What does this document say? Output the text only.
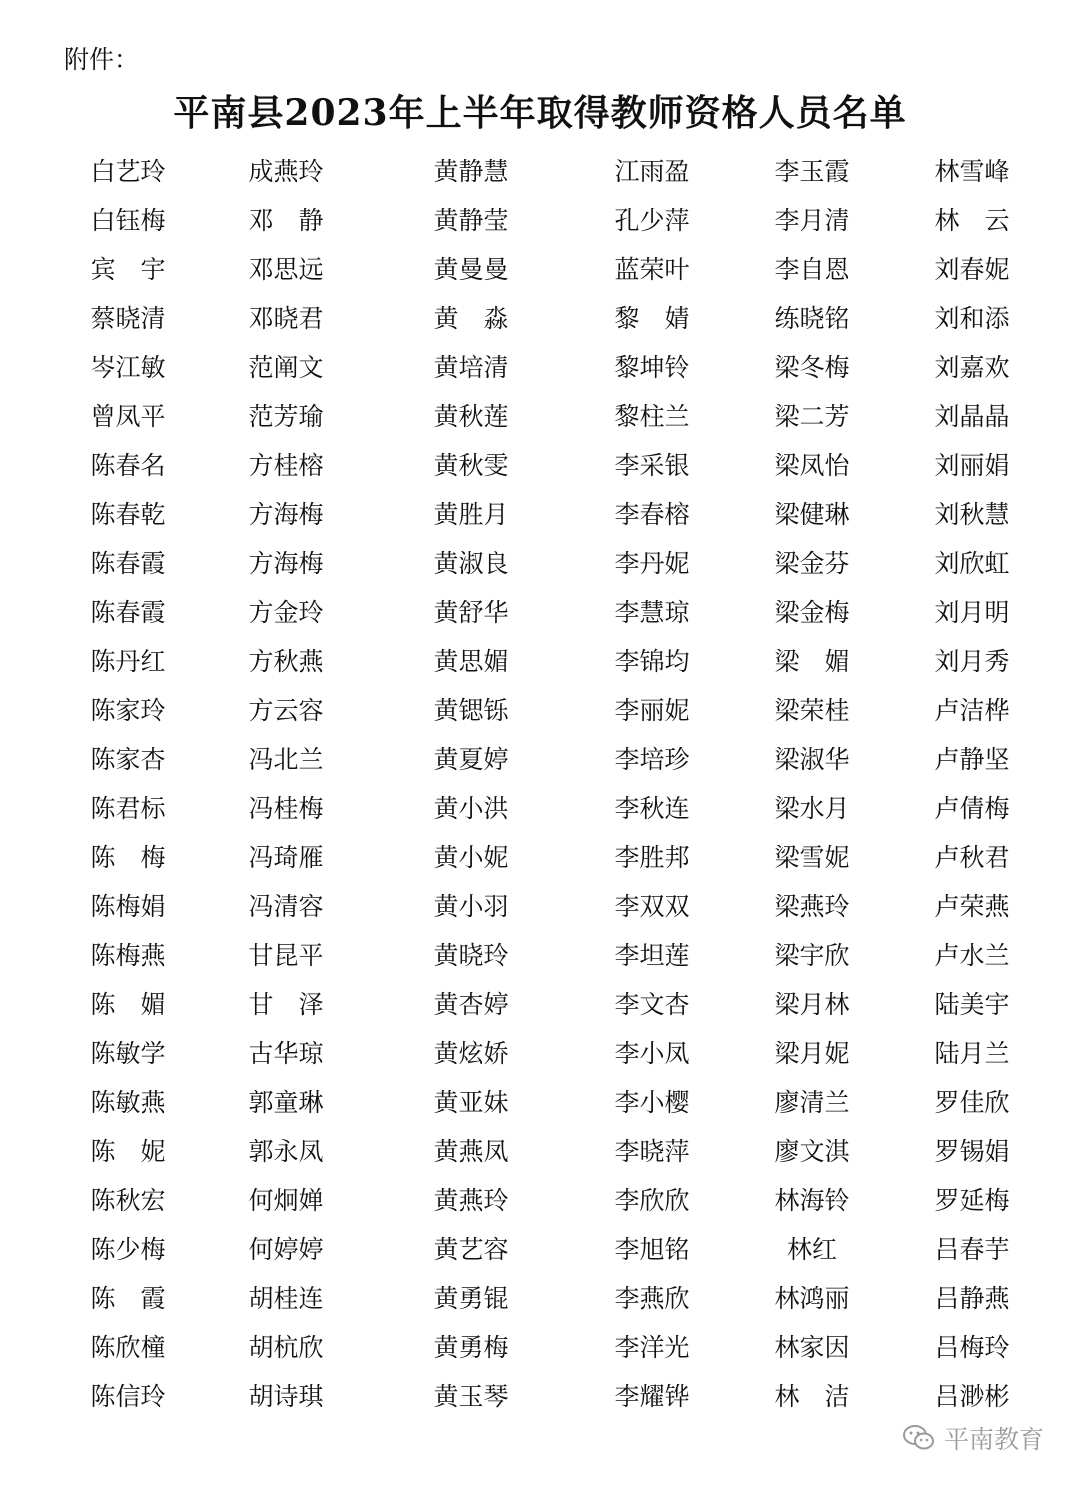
附件：
平南县2023年上半年取得教师资格人员名单
白艺玲	成燕玲	黄静慧	江雨盈	李玉霞	林雪峰
白钰梅	邓　静	黄静莹	孔少萍	李月清	林　云
宾　宇	邓思远	黄曼曼	蓝荣叶	李自恩	刘春妮
蔡晓清	邓晓君	黄　淼	黎　婧	练晓铭	刘和添
岑江敏	范阐文	黄培清	黎坤铃	梁冬梅	刘嘉欢
曾凤平	范芳瑜	黄秋莲	黎柱兰	梁二芳	刘晶晶
陈春名	方桂榕	黄秋雯	李采银	梁凤怡	刘丽娟
陈春乾	方海梅	黄胜月	李春榕	梁健琳	刘秋慧
陈春霞	方海梅	黄淑良	李丹妮	梁金芬	刘欣虹
陈春霞	方金玲	黄舒华	李慧琼	梁金梅	刘月明
陈丹红	方秋燕	黄思媚	李锦均	梁　媚	刘月秀
陈家玲	方云容	黄锶铄	李丽妮	梁荣桂	卢洁桦
陈家杏	冯北兰	黄夏婷	李培珍	梁淑华	卢静坚
陈君标	冯桂梅	黄小洪	李秋连	梁水月	卢倩梅
陈　梅	冯琦雁	黄小妮	李胜邦	梁雪妮	卢秋君
陈梅娟	冯清容	黄小羽	李双双	梁燕玲	卢荣燕
陈梅燕	甘昆平	黄晓玲	李坦莲	梁宇欣	卢水兰
陈　媚	甘　泽	黄杏婷	李文杏	梁月林	陆美宇
陈敏学	古华琼	黄炫娇	李小凤	梁月妮	陆月兰
陈敏燕	郭童琳	黄亚妹	李小樱	廖清兰	罗佳欣
陈　妮	郭永凤	黄燕凤	李晓萍	廖文淇	罗锡娟
陈秋宏	何炯婵	黄燕玲	李欣欣	林海铃	罗延梅
陈少梅	何婷婷	黄艺容	李旭铭	林红	吕春芋
陈　霞	胡桂连	黄勇锟	李燕欣	林鸿丽	吕静燕
陈欣橦	胡杭欣	黄勇梅	李洋光	林家因	吕梅玲
陈信玲	胡诗琪	黄玉琴	李耀铧	林　洁	吕渺彬
平南教育
